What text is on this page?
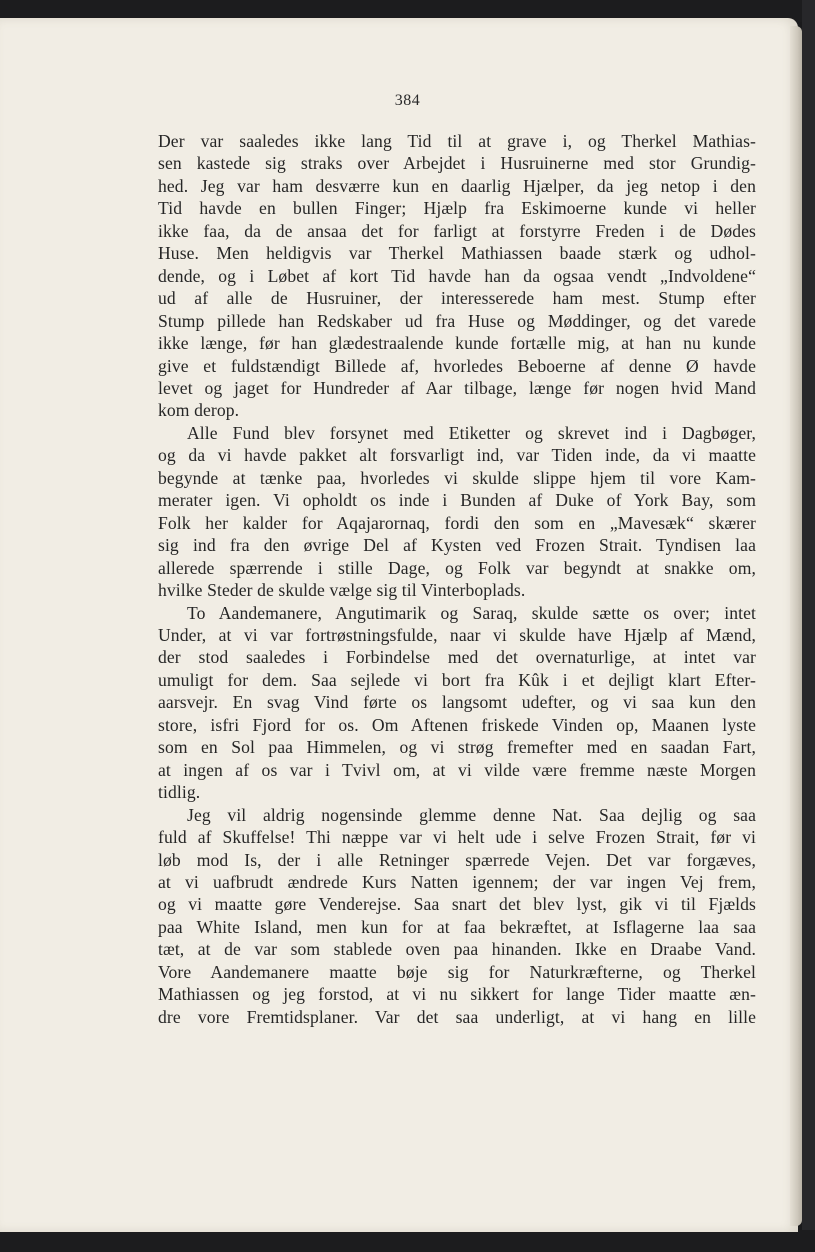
384

Der var saaledes ikke lang Tid til at grave i, og Therkel Mathias-
sen kastede sig straks over Arbejdet i Husruinerne med stor Grundig-
hed. Jeg var ham desværre kun en daarlig Hjælper, da jeg netop i den
Tid havde en bullen Finger; Hjælp fra Eskimoerne kunde vi heller
ikke faa, da de ansaa det for farligt at forstyrre Freden i de Dødes
Huse. Men heldigvis var Therkel Mathiassen baade stærk og udhol-
dende, og i Løbet af kort Tid havde han da ogsaa vendt „Indvoldene“
ud af alle de Husruiner, der interesserede ham mest. Stump efter
Stump pillede han Redskaber ud fra Huse og Møddinger, og det varede
ikke længe, før han glædestraalende kunde fortælle mig, at han nu kunde
give et fuldstændigt Billede af, hvorledes Beboerne af denne Ø havde
levet og jaget for Hundreder af Aar tilbage, længe før nogen hvid Mand
kom derop.

Alle Fund blev forsynet med Etiketter og skrevet ind i Dagbøger,
og da vi havde pakket alt forsvarligt ind, var Tiden inde, da vi maatte
begynde at tænke paa, hvorledes vi skulde slippe hjem til vore Kam-
merater igen. Vi opholdt os inde i Bunden af Duke of York Bay, som
Folk her kalder for Aqajarornaq, fordi den som en „Mavesæk“ skærer
sig ind fra den øvrige Del af Kysten ved Frozen Strait. Tyndisen laa
allerede spærrende i stille Dage, og Folk var begyndt at snakke om,
hvilke Steder de skulde vælge sig til Vinterboplads.

To Aandemanere, Angutimarik og Saraq, skulde sætte os over; intet
Under, at vi var fortrøstningsfulde, naar vi skulde have Hjælp af Mænd,
der stod saaledes i Forbindelse med det overnaturlige, at intet var
umuligt for dem. Saa sejlede vi bort fra Kûk i et dejligt klart Efter-
aarsvejr. En svag Vind førte os langsomt udefter, og vi saa kun den
store, isfri Fjord for os. Om Aftenen friskede Vinden op, Maanen lyste
som en Sol paa Himmelen, og vi strøg fremefter med en saadan Fart,
at ingen af os var i Tvivl om, at vi vilde være fremme næste Morgen
tidlig.

Jeg vil aldrig nogensinde glemme denne Nat. Saa dejlig og saa
fuld af Skuffelse! Thi næppe var vi helt ude i selve Frozen Strait, før vi
løb mod Is, der i alle Retninger spærrede Vejen. Det var forgæves,
at vi uafbrudt ændrede Kurs Natten igennem; der var ingen Vej frem,
og vi maatte gøre Venderejse. Saa snart det blev lyst, gik vi til Fjælds
paa White Island, men kun for at faa bekræftet, at Isflagerne laa saa
tæt, at de var som stablede oven paa hinanden. Ikke en Draabe Vand.
Vore Aandemanere maatte bøje sig for Naturkræfterne, og Therkel
Mathiassen og jeg forstod, at vi nu sikkert for lange Tider maatte æn-
dre vore Fremtidsplaner. Var det saa underligt, at vi hang en lille
